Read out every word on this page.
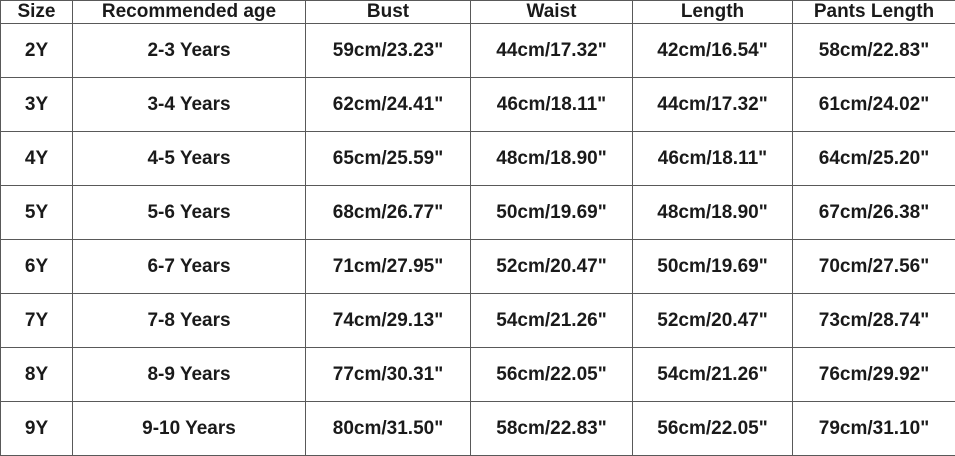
Size	Recommended age	Bust	Waist	Length	Pants Length
2Y	2-3 Years	59cm/23.23"	44cm/17.32"	42cm/16.54"	58cm/22.83"
3Y	3-4 Years	62cm/24.41"	46cm/18.11"	44cm/17.32"	61cm/24.02"
4Y	4-5 Years	65cm/25.59"	48cm/18.90"	46cm/18.11"	64cm/25.20"
5Y	5-6 Years	68cm/26.77"	50cm/19.69"	48cm/18.90"	67cm/26.38"
6Y	6-7 Years	71cm/27.95"	52cm/20.47"	50cm/19.69"	70cm/27.56"
7Y	7-8 Years	74cm/29.13"	54cm/21.26"	52cm/20.47"	73cm/28.74"
8Y	8-9 Years	77cm/30.31"	56cm/22.05"	54cm/21.26"	76cm/29.92"
9Y	9-10 Years	80cm/31.50"	58cm/22.83"	56cm/22.05"	79cm/31.10"
